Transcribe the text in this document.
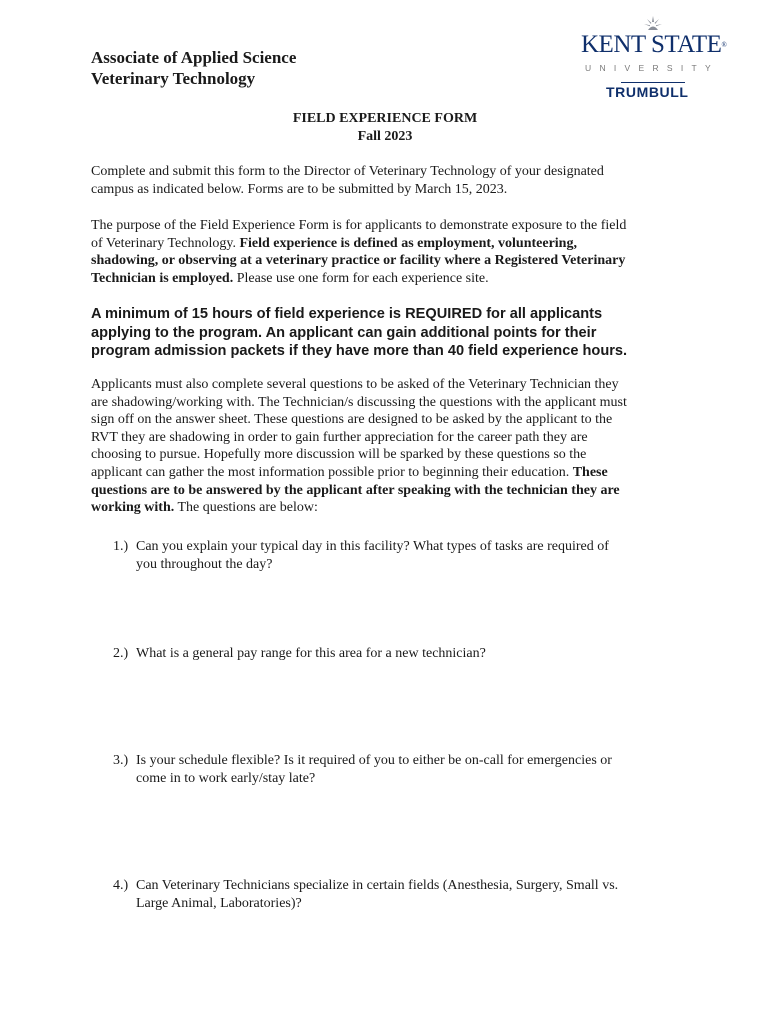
Associate of Applied Science
Veterinary Technology
KENT STATE®
UNIVERSITY
TRUMBULL
FIELD EXPERIENCE FORM
Fall 2023
Complete and submit this form to the Director of Veterinary Technology of your designated
campus as indicated below. Forms are to be submitted by March 15, 2023.
The purpose of the Field Experience Form is for applicants to demonstrate exposure to the field
of Veterinary Technology. Field experience is defined as employment, volunteering,
shadowing, or observing at a veterinary practice or facility where a Registered Veterinary
Technician is employed. Please use one form for each experience site.
A minimum of 15 hours of field experience is REQUIRED for all applicants
applying to the program. An applicant can gain additional points for their
program admission packets if they have more than 40 field experience hours.
Applicants must also complete several questions to be asked of the Veterinary Technician they
are shadowing/working with. The Technician/s discussing the questions with the applicant must
sign off on the answer sheet. These questions are designed to be asked by the applicant to the
RVT they are shadowing in order to gain further appreciation for the career path they are
choosing to pursue. Hopefully more discussion will be sparked by these questions so the
applicant can gather the most information possible prior to beginning their education. These
questions are to be answered by the applicant after speaking with the technician they are
working with. The questions are below:
1.) Can you explain your typical day in this facility? What types of tasks are required of
you throughout the day?
2.) What is a general pay range for this area for a new technician?
3.) Is your schedule flexible? Is it required of you to either be on-call for emergencies or
come in to work early/stay late?
4.) Can Veterinary Technicians specialize in certain fields (Anesthesia, Surgery, Small vs.
Large Animal, Laboratories)?
